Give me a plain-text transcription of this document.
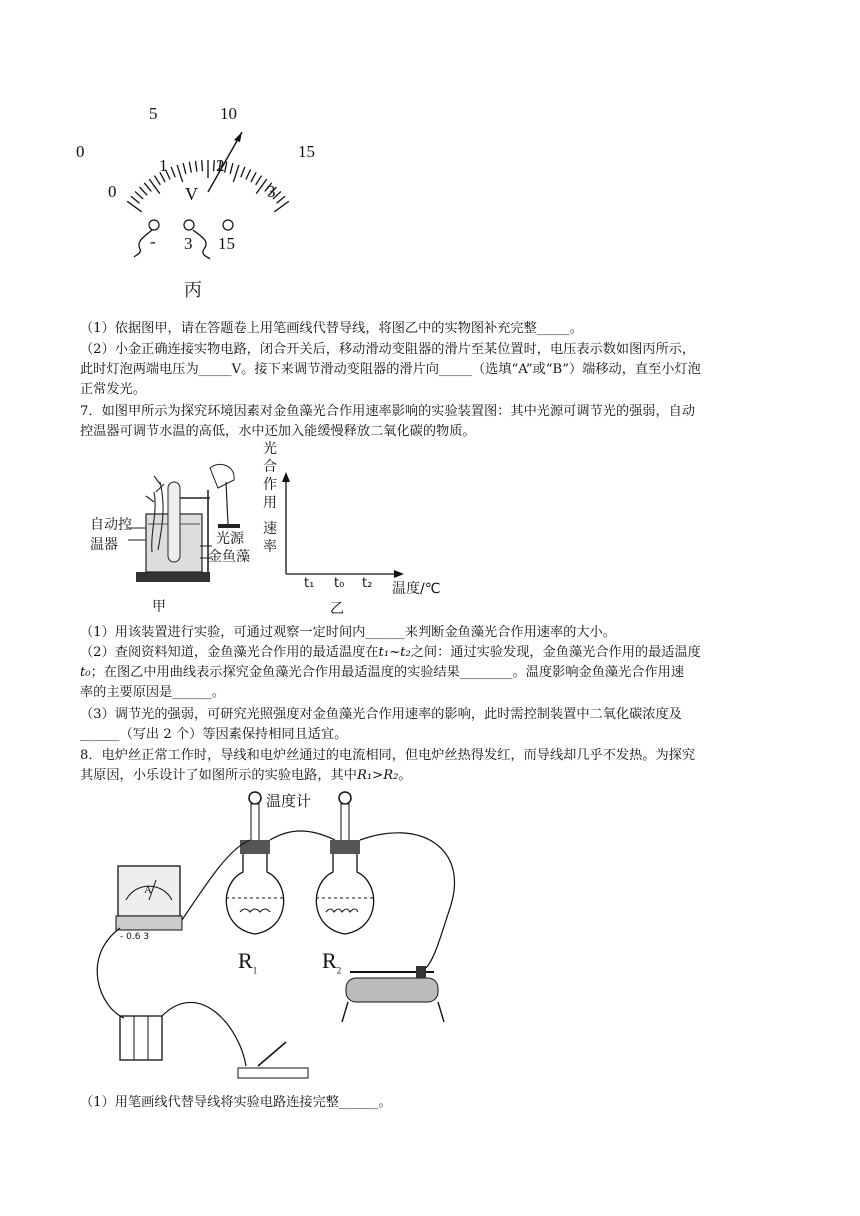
0
5	10
15
0
1	2
3
V
- 3 15
丙
（1）依据图甲，请在答题卷上用笔画线代替导线，将图乙中的实物图补充完整_____。
（2）小金正确连接实物电路，闭合开关后，移动滑动变阻器的滑片至某位置时，电压表示数如图丙所示，
此时灯泡两端电压为_____V。接下来调节滑动变阻器的滑片向_____（选填“A”或“B”）端移动，直至小灯泡
正常发光。
7．如图甲所示为探究环境因素对金鱼藻光合作用速率影响的实验装置图：其中光源可调节光的强弱，自动
控温器可调节水温的高低，水中还加入能缓慢释放二氧化碳的物质。
自动控
温器	光源
金鱼藻
甲
光
合
作
用
速
率
t₁ t₀ t₂ 温度/℃
乙
（1）用该装置进行实验，可通过观察一定时间内______来判断金鱼藻光合作用速率的大小。
（2）查阅资料知道，金鱼藻光合作用的最适温度在t₁~t₂之间：通过实验发现，金鱼藻光合作用的最适温度
t₀；在图乙中用曲线表示探究金鱼藻光合作用最适温度的实验结果________。温度影响金鱼藻光合作用速
率的主要原因是______。
（3）调节光的强弱，可研究光照强度对金鱼藻光合作用速率的影响，此时需控制装置中二氧化碳浓度及
______（写出 2 个）等因素保持相同且适宜。
8．电炉丝正常工作时，导线和电炉丝通过的电流相同，但电炉丝热得发红，而导线却几乎不发热。为探究
其原因，小乐设计了如图所示的实验电路，其中R₁>R₂。
温度计
A
- 0.6 3
$R_1$	$R_2$
（1）用笔画线代替导线将实验电路连接完整______。
